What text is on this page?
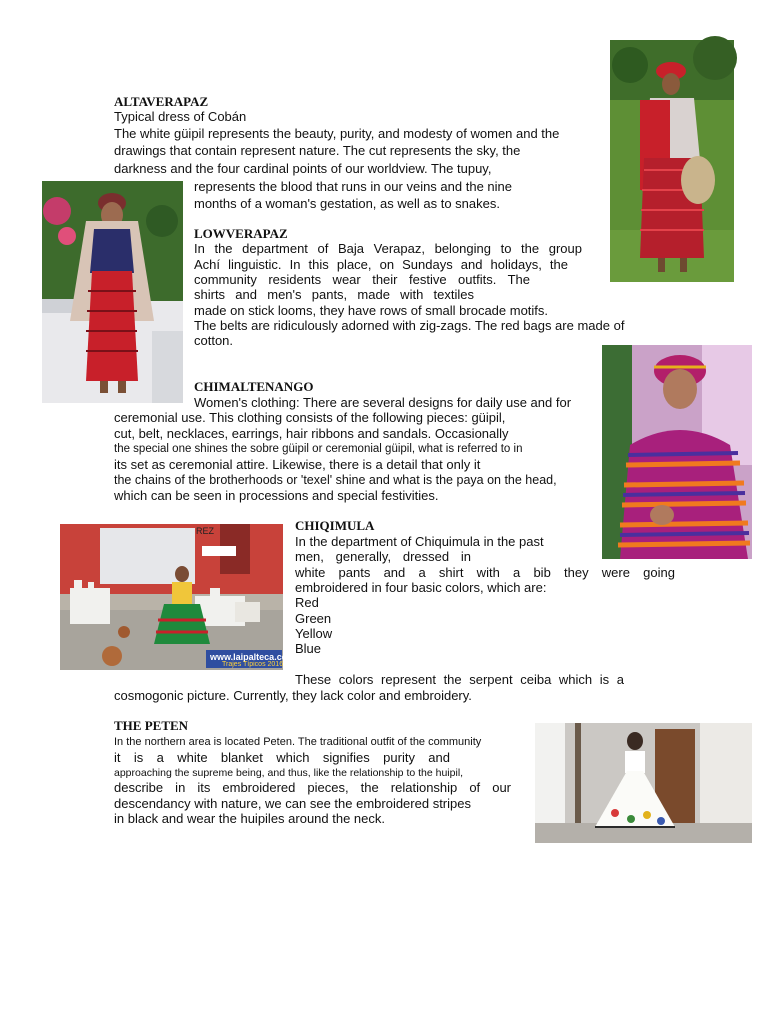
REZ
www.laipalteca.com
Trajes Típicos 2016
ALTAVERAPAZ
Typical dress of Cobán
The white güipil represents the beauty, purity, and modesty of women and the
drawings that contain represent nature. The cut represents the sky, the
darkness and the four cardinal points of our worldview. The tupuy,
represents the blood that runs in our veins and the nine
months of a woman's gestation, as well as to snakes.
LOWVERAPAZ
In the department of Baja Verapaz, belonging to the group
Achí linguistic. In this place, on Sundays and holidays, the
community residents wear their festive outfits. The
shirts and men's pants, made with textiles
made on stick looms, they have rows of small brocade motifs.
The belts are ridiculously adorned with zig-zags. The red bags are made of
cotton.
CHIMALTENANGO
Women's clothing: There are several designs for daily use and for
ceremonial use. This clothing consists of the following pieces: güipil,
cut, belt, necklaces, earrings, hair ribbons and sandals. Occasionally
the special one shines the sobre güipil or ceremonial güipil, what is referred to in
its set as ceremonial attire. Likewise, there is a detail that only it
the chains of the brotherhoods or 'texel' shine and what is the paya on the head,
which can be seen in processions and special festivities.
CHIQIMULA
In the department of Chiquimula in the past
men, generally, dressed in
white pants and a shirt with a bib they were going
embroidered in four basic colors, which are:
Red
Green
Yellow
Blue
These colors represent the serpent ceiba which is a
cosmogonic picture. Currently, they lack color and embroidery.
THE PETEN
In the northern area is located Peten. The traditional outfit of the community
it is a white blanket which signifies purity and
approaching the supreme being, and thus, like the relationship to the huipil,
describe in its embroidered pieces, the relationship of our
descendancy with nature, we can see the embroidered stripes
in black and wear the huipiles around the neck.
